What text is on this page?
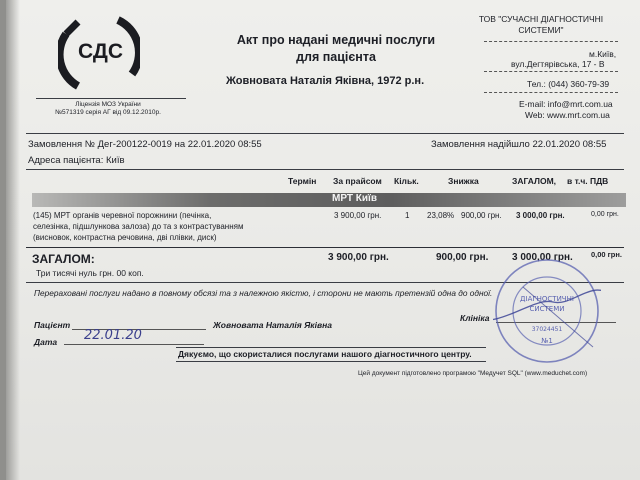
СДС
Ліцензія МОЗ України
№571319 серія АГ від 09.12.2010р.
Акт про надані медичні послуги
для пацієнта
Жовновата Наталія Яківна, 1972 р.н.
ТОВ "СУЧАСНІ ДІАГНОСТИЧНІ
СИСТЕМИ"
м.Київ,
вул.Дегтярівська, 17 - В
Тел.: (044) 360-79-39
E-mail: info@mrt.com.ua
Web: www.mrt.com.ua
Замовлення № Дег-200122-0019 на 22.01.2020 08:55	Замовлення надійшло 22.01.2020 08:55
Адреса пацієнта: Київ
Термін За прайсом Кільк.	Знижка	ЗАГАЛОМ, в т.ч. ПДВ
МРТ Київ
(145) МРТ органів черевної порожнини (печінка,
селезінка, підшлункова залоза) до та з контрастуванням
(висновок, контрастна речовина, дві плівки, диск)
3 900,00 грн.	1 23,08% 900,00 грн. 3 000,00 грн.	0,00 грн.
ЗАГАЛОМ:	3 900,00 грн.	900,00 грн. 3 000,00 грн. 0,00 грн.
Три тисячі нуль грн. 00 коп.
Перераховані послуги надано в повному обсязі та з належною якістю, і сторони не мають претензій одна до одної.
Пацієнт	Жовновата Наталія Яківна
Клініка
Дата 22.01.20
ДІАГНОСТИЧНІ
СИСТЕМИ
37024451
№1
Дякуємо, що скористалися послугами нашого діагностичного центру.
Цей документ підготовлено програмою "Медучет SQL" (www.meduchet.com)
